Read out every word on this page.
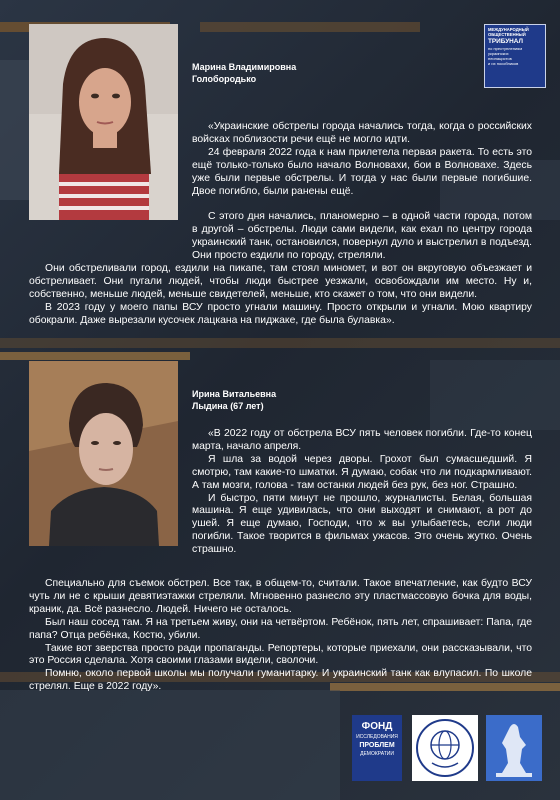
МЕЖДУНАРОДНЫЙ
ОБЩЕСТВЕННЫЙ
ТРИБУНАЛ
по преступлениям
украинских
неонацистов
и их пособников
Марина Владимировна
Голобородько

«Украинские обстрелы города начались тогда, когда о российских войсках поблизости речи ещё не могло идти.

24 февраля 2022 года к нам прилетела первая ракета. То есть это ещё только-только было начало Волновахи, бои в Волновахе. Здесь уже были первые обстрелы. И тогда у нас были первые погибшие. Двое погибло, были ранены ещё.

С этого дня начались, планомерно – в одной части города, потом в другой – обстрелы. Люди сами видели, как ехал по центру города украинский танк, остановился, повернул дуло и выстрелил в подъезд. Они просто ездили по городу, стреляли.

Они обстреливали город, ездили на пикапе, там стоял миномет, и вот он вкруговую объезжает и обстреливает. Они пугали людей, чтобы люди быстрее уезжали, освобождали им место. Ну и, собственно, меньше людей, меньше свидетелей, меньше, кто скажет о том, что они видели.

В 2023 году у моего папы ВСУ просто угнали машину. Просто открыли и угнали. Мою квартиру обокрали. Даже вырезали кусочек лацкана на пиджаке, где была булавка».

Ирина Витальевна
Лыдина (67 лет)

«В 2022 году от обстрела ВСУ пять человек погибли. Где-то конец марта, начало апреля.

Я шла за водой через дворы. Грохот был сумасшедший. Я смотрю, там какие-то шматки. Я думаю, собак что ли подкармливают. А там мозги, голова - там останки людей без рук, без ног. Страшно.

И быстро, пяти минут не прошло, журналисты. Белая, большая машина. Я еще удивилась, что они выходят и снимают, а рот до ушей. Я еще думаю, Господи, что ж вы улыбаетесь, если люди погибли. Такое творится в фильмах ужасов. Это очень жутко. Очень страшно.

Специально для съемок обстрел. Все так, в общем-то, считали. Такое впечатление, как будто ВСУ чуть ли не с крыши девятиэтажки стреляли. Мгновенно разнесло эту пластмассовую бочка для воды, краник, да. Всё разнесло. Людей. Ничего не осталось.

Был наш сосед там. Я на третьем живу, они на четвёртом. Ребёнок, пять лет, спрашивает: Папа, где папа? Отца ребёнка, Костю, убили.

Такие вот зверства просто ради пропаганды. Репортеры, которые приехали, они рассказывали, что это Россия сделала. Хотя своими глазами видели, сволочи.

Помню, около первой школы мы получали гуманитарку. И украинский танк как влупасил. По школе стрелял. Еще в 2022 году».

ФОНД
ИССЛЕДОВАНИЯ
ПРОБЛЕМ
ДЕМОКРАТИИ
